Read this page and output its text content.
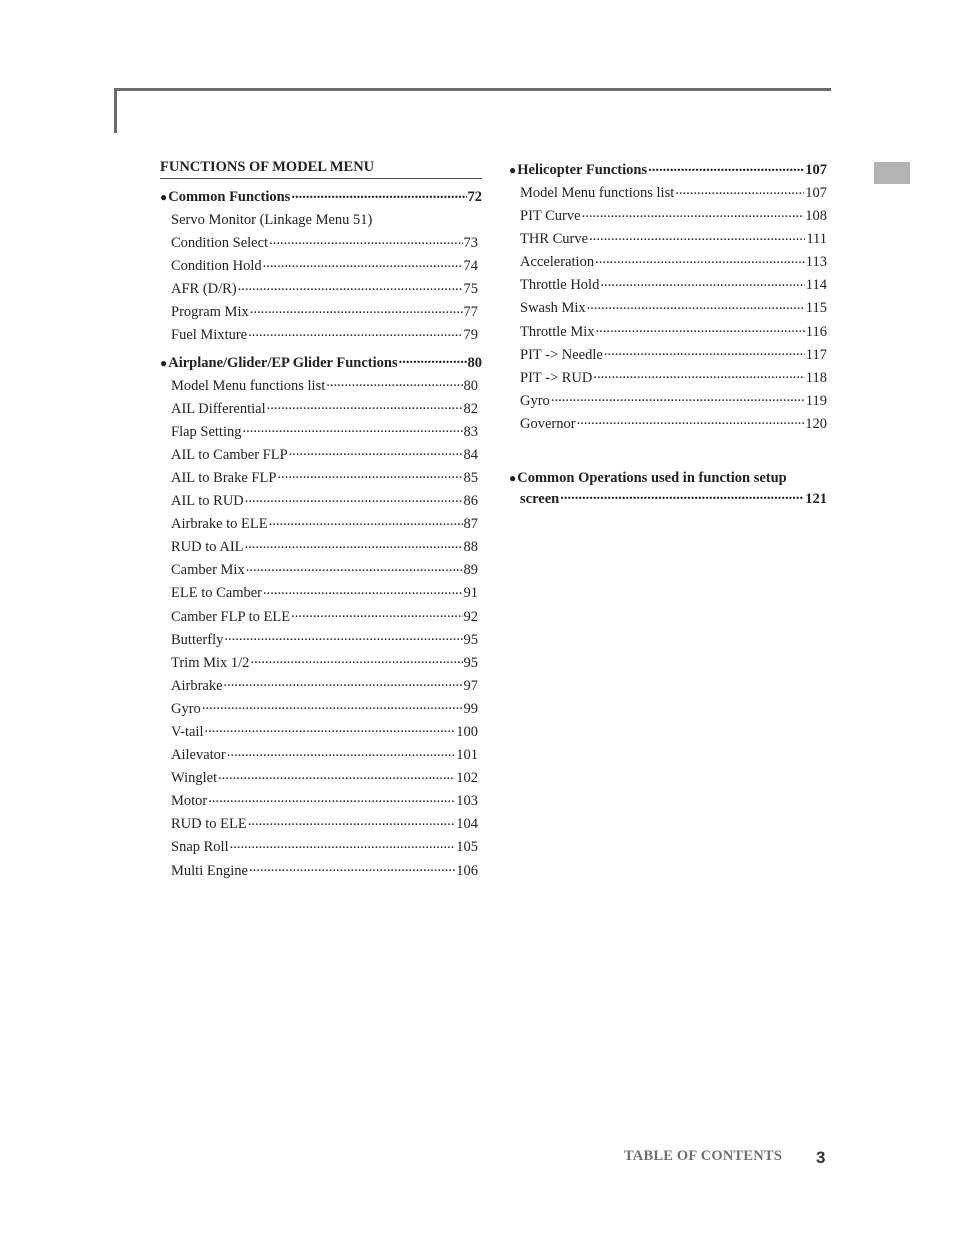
FUNCTIONS OF MODEL MENU
●Common Functions .....	72
Servo Monitor (Linkage Menu 51)
Condition Select .....	73
Condition Hold .....	74
AFR (D/R) .....	75
Program Mix .....	77
Fuel Mixture .....	79
●Airplane/Glider/EP Glider Functions .....	80
Model Menu functions list .....	80
AIL Differential .....	82
Flap Setting .....	83
AIL to Camber FLP .....	84
AIL to Brake FLP .....	85
AIL to RUD .....	86
Airbrake to ELE .....	87
RUD to AIL .....	88
Camber Mix .....	89
ELE to Camber .....	91
Camber FLP to ELE .....	92
Butterfly .....	95
Trim Mix 1/2 .....	95
Airbrake .....	97
Gyro .....	99
V-tail .....	100
Ailevator .....	101
Winglet .....	102
Motor .....	103
RUD to ELE .....	104
Snap Roll .....	105
Multi Engine .....	106
●Helicopter Functions .....	107
Model Menu functions list .....	107
PIT Curve .....	108
THR Curve .....	111
Acceleration .....	113
Throttle Hold .....	114
Swash Mix .....	115
Throttle Mix .....	116
PIT -> Needle .....	117
PIT -> RUD .....	118
Gyro .....	119
Governor .....	120
●Common Operations used in function setup
screen .....	121
TABLE OF CONTENTS 3
